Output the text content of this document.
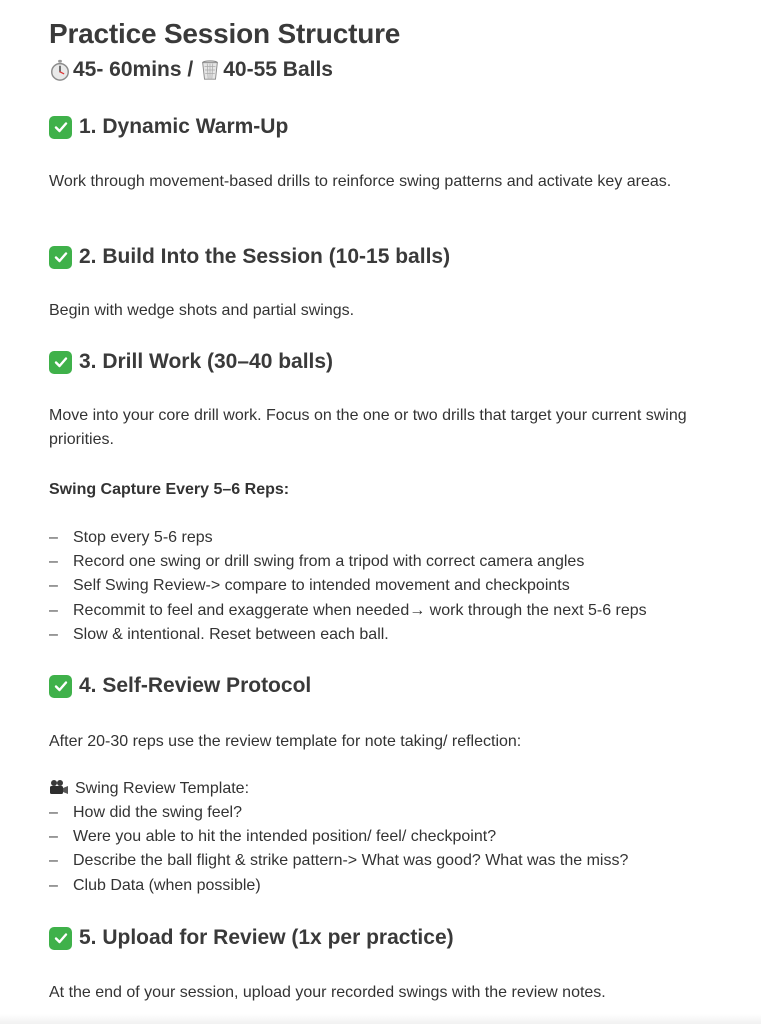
Practice Session Structure
45- 60mins / 40-55 Balls
1. Dynamic Warm-Up
Work through movement-based drills to reinforce swing patterns and activate key areas.
2. Build Into the Session (10-15 balls)
Begin with wedge shots and partial swings.
3. Drill Work (30–40 balls)
Move into your core drill work. Focus on the one or two drills that target your current swing priorities.
Swing Capture Every 5–6 Reps:
– Stop every 5-6 reps
– Record one swing or drill swing from a tripod with correct camera angles
– Self Swing Review-> compare to intended movement and checkpoints
– Recommit to feel and exaggerate when needed→ work through the next 5-6 reps
– Slow & intentional. Reset between each ball.
4. Self-Review Protocol
After 20-30 reps use the review template for note taking/ reflection:
Swing Review Template:
– How did the swing feel?
– Were you able to hit the intended position/ feel/ checkpoint?
– Describe the ball flight & strike pattern-> What was good? What was the miss?
– Club Data (when possible)
5. Upload for Review (1x per practice)
At the end of your session, upload your recorded swings with the review notes.
